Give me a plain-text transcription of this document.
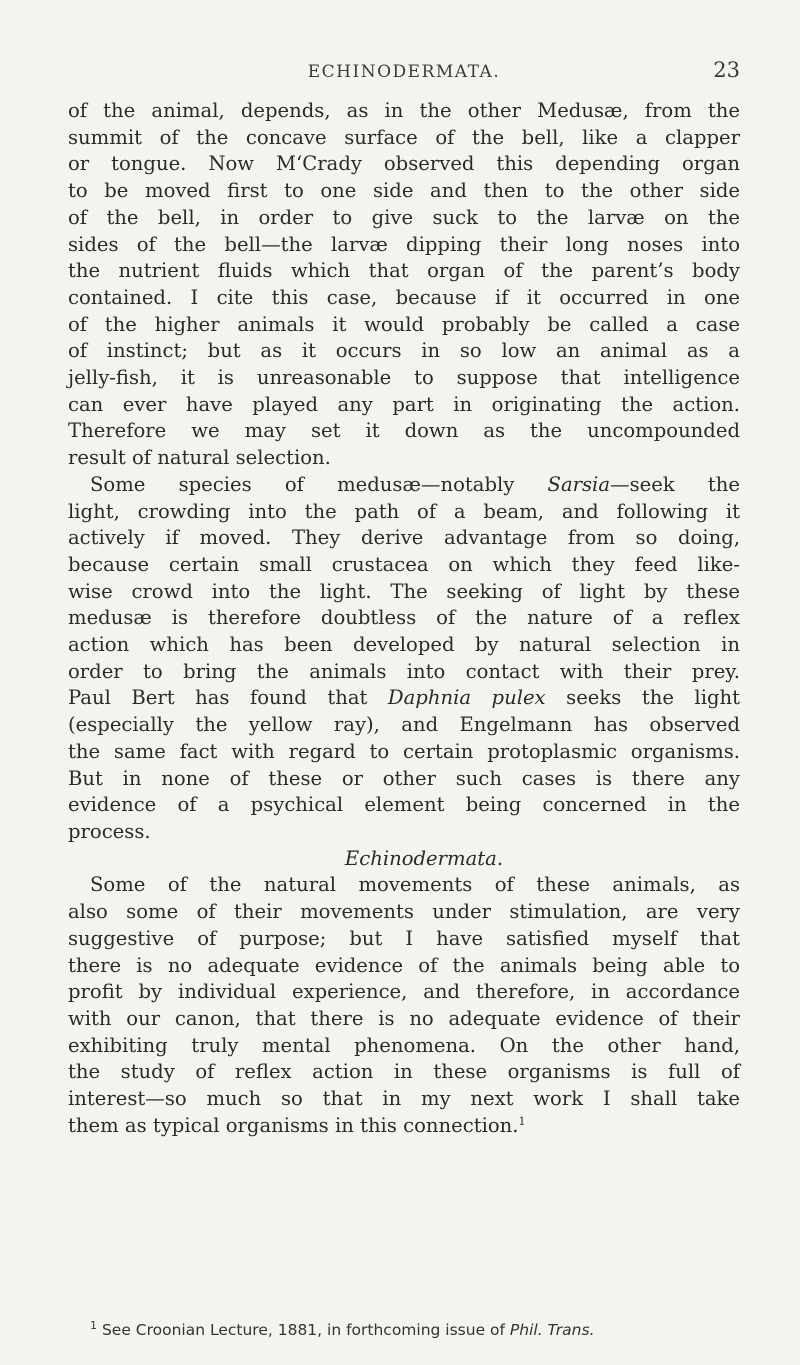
ECHINODERMATA.	23
of the animal, depends, as in the other Medusæ, from the
summit of the concave surface of the bell, like a clapper
or tongue. Now M‘Crady observed this depending organ
to be moved first to one side and then to the other side
of the bell, in order to give suck to the larvæ on the
sides of the bell—the larvæ dipping their long noses into
the nutrient fluids which that organ of the parent’s body
contained. I cite this case, because if it occurred in one
of the higher animals it would probably be called a case
of instinct; but as it occurs in so low an animal as a
jelly-fish, it is unreasonable to suppose that intelligence
can ever have played any part in originating the action.
Therefore we may set it down as the uncompounded
result of natural selection.
Some species of medusæ—notably Sarsia—seek the
light, crowding into the path of a beam, and following it
actively if moved. They derive advantage from so doing,
because certain small crustacea on which they feed like-
wise crowd into the light. The seeking of light by these
medusæ is therefore doubtless of the nature of a reflex
action which has been developed by natural selection in
order to bring the animals into contact with their prey.
Paul Bert has found that Daphnia pulex seeks the light
(especially the yellow ray), and Engelmann has observed
the same fact with regard to certain protoplasmic organisms.
But in none of these or other such cases is there any
evidence of a psychical element being concerned in the
process.
Echinodermata.
Some of the natural movements of these animals, as
also some of their movements under stimulation, are very
suggestive of purpose; but I have satisfied myself that
there is no adequate evidence of the animals being able to
profit by individual experience, and therefore, in accordance
with our canon, that there is no adequate evidence of their
exhibiting truly mental phenomena. On the other hand,
the study of reflex action in these organisms is full of
interest—so much so that in my next work I shall take
them as typical organisms in this connection.$^1$
$^1$ See Croonian Lecture, 1881, in forthcoming issue of Phil. Trans.
